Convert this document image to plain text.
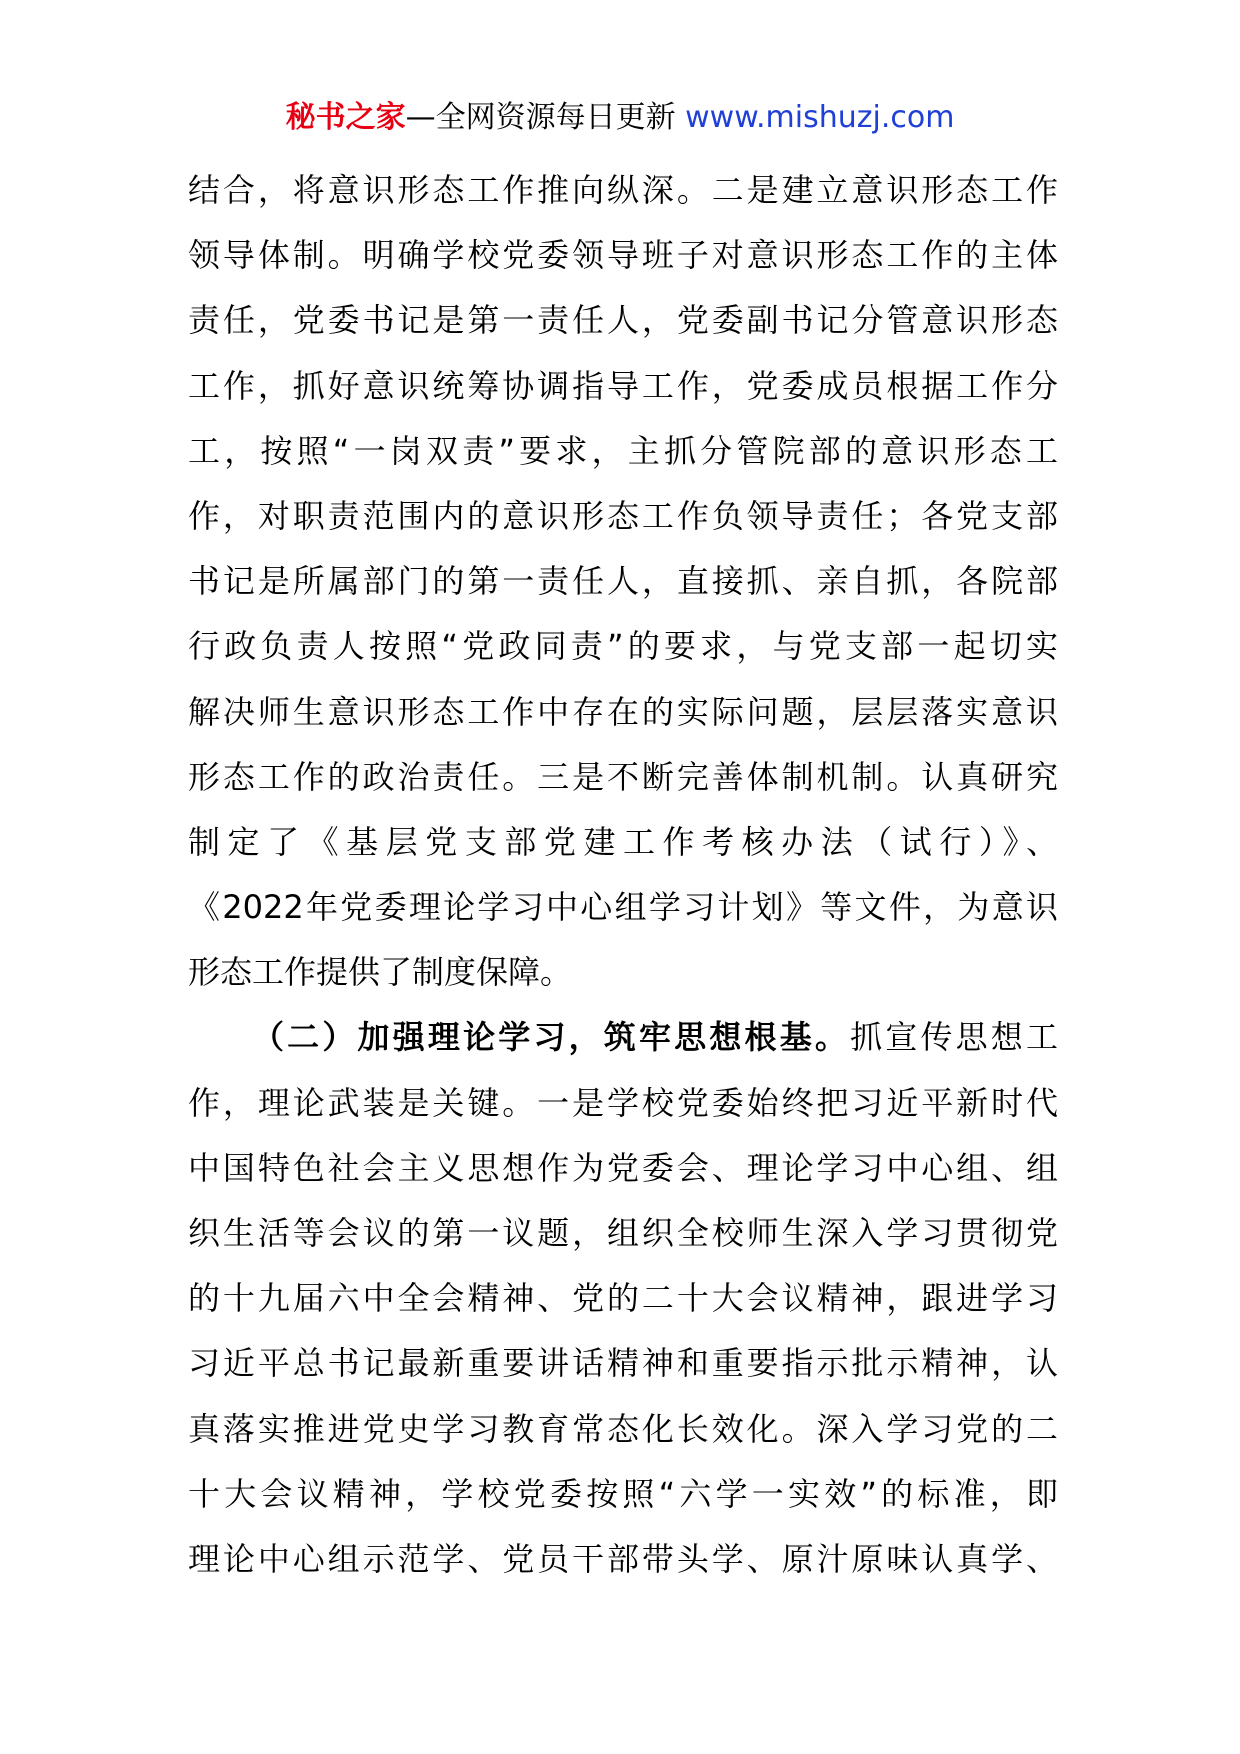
秘书之家—全网资源每日更新 www.mishuzj.com
结合，将意识形态工作推向纵深。二是建立意识形态工作
领导体制。明确学校党委领导班子对意识形态工作的主体
责任，党委书记是第一责任人，党委副书记分管意识形态
工作，抓好意识统筹协调指导工作，党委成员根据工作分
工，按照“一岗双责”要求，主抓分管院部的意识形态工
作，对职责范围内的意识形态工作负领导责任；各党支部
书记是所属部门的第一责任人，直接抓、亲自抓，各院部
行政负责人按照“党政同责”的要求，与党支部一起切实
解决师生意识形态工作中存在的实际问题，层层落实意识
形态工作的政治责任。三是不断完善体制机制。认真研究
制定了《基层党支部党建工作考核办法（试行）》、
《2022年党委理论学习中心组学习计划》等文件，为意识
形态工作提供了制度保障。
（二）加强理论学习，筑牢思想根基。抓宣传思想工
作，理论武装是关键。一是学校党委始终把习近平新时代
中国特色社会主义思想作为党委会、理论学习中心组、组
织生活等会议的第一议题，组织全校师生深入学习贯彻党
的十九届六中全会精神、党的二十大会议精神，跟进学习
习近平总书记最新重要讲话精神和重要指示批示精神，认
真落实推进党史学习教育常态化长效化。深入学习党的二
十大会议精神，学校党委按照“六学一实效”的标准，即
理论中心组示范学、党员干部带头学、原汁原味认真学、
